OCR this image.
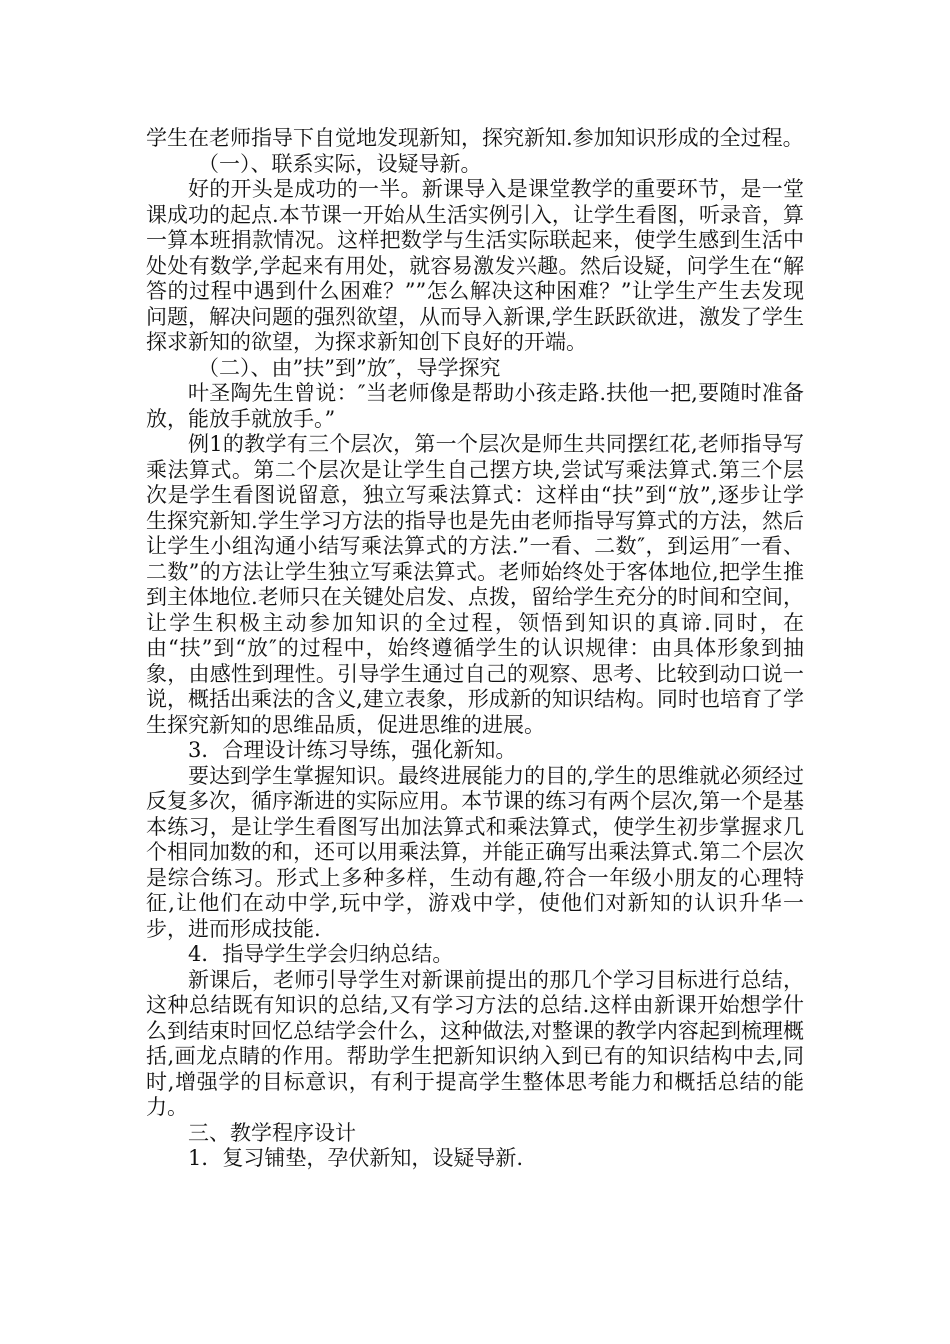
学生在老师指导下自觉地发现新知，探究新知.参加知识形成的全过程。

（一）、联系实际，设疑导新。

好的开头是成功的一半。新课导入是课堂教学的重要环节，是一堂课成功的起点.本节课一开始从生活实例引入，让学生看图，听录音，算一算本班捐款情况。这样把数学与生活实际联起来，使学生感到生活中处处有数学,学起来有用处，就容易激发兴趣。然后设疑，问学生在“解答的过程中遇到什么困难？””怎么解决这种困难？”让学生产生去发现问题，解决问题的强烈欲望，从而导入新课,学生跃跃欲进，激发了学生探求新知的欲望，为探求新知创下良好的开端。

（二）、由”扶”到”放″，导学探究

叶圣陶先生曾说：″当老师像是帮助小孩走路.扶他一把,要随时准备放，能放手就放手。”

例1的教学有三个层次，第一个层次是师生共同摆红花,老师指导写乘法算式。第二个层次是让学生自己摆方块,尝试写乘法算式.第三个层次是学生看图说留意，独立写乘法算式：这样由“扶”到“放”,逐步让学生探究新知.学生学习方法的指导也是先由老师指导写算式的方法，然后让学生小组沟通小结写乘法算式的方法.”一看、二数″，到运用″一看、二数”的方法让学生独立写乘法算式。老师始终处于客体地位,把学生推到主体地位.老师只在关键处启发、点拨，留给学生充分的时间和空间，让学生积极主动参加知识的全过程，领悟到知识的真谛.同时，在由“扶”到“放″的过程中，始终遵循学生的认识规律：由具体形象到抽象，由感性到理性。引导学生通过自己的观察、思考、比较到动口说一说，概括出乘法的含义,建立表象，形成新的知识结构。同时也培育了学生探究新知的思维品质，促进思维的进展。

3．合理设计练习导练，强化新知。

要达到学生掌握知识。最终进展能力的目的,学生的思维就必须经过反复多次，循序渐进的实际应用。本节课的练习有两个层次,第一个是基本练习，是让学生看图写出加法算式和乘法算式，使学生初步掌握求几个相同加数的和，还可以用乘法算，并能正确写出乘法算式.第二个层次是综合练习。形式上多种多样，生动有趣,符合一年级小朋友的心理特征,让他们在动中学,玩中学，游戏中学，使他们对新知的认识升华一步，进而形成技能.

4．指导学生学会归纳总结。

新课后，老师引导学生对新课前提出的那几个学习目标进行总结，这种总结既有知识的总结,又有学习方法的总结.这样由新课开始想学什么到结束时回忆总结学会什么，这种做法,对整课的教学内容起到梳理概括,画龙点睛的作用。帮助学生把新知识纳入到已有的知识结构中去,同时,增强学的目标意识，有利于提高学生整体思考能力和概括总结的能力。

三、教学程序设计

1．复习铺垫，孕伏新知，设疑导新.
